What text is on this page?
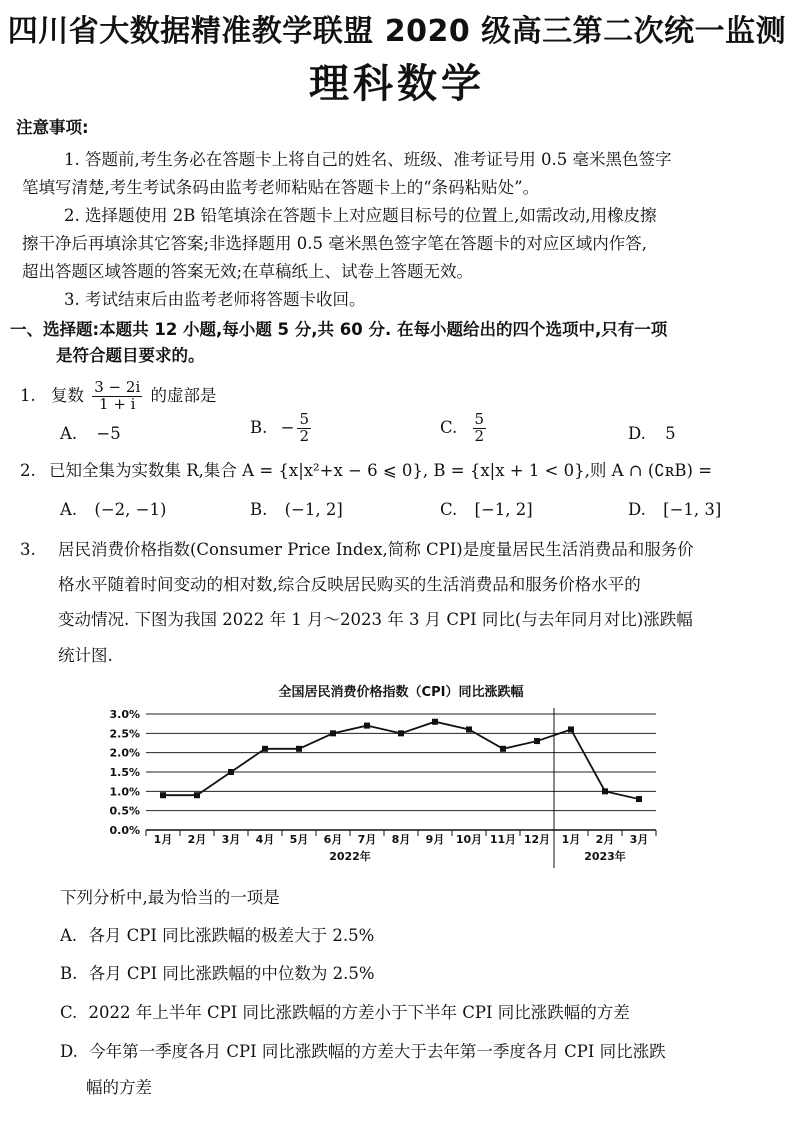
四川省大数据精准教学联盟 2020 级高三第二次统一监测
理科数学
注意事项:
1. 答题前,考生务必在答题卡上将自己的姓名、班级、准考证号用 0.5 毫米黑色签字
笔填写清楚,考生考试条码由监考老师粘贴在答题卡上的“条码粘贴处”。
2. 选择题使用 2B 铅笔填涂在答题卡上对应题目标号的位置上,如需改动,用橡皮擦
擦干净后再填涂其它答案;非选择题用 0.5 毫米黑色签字笔在答题卡的对应区域内作答,
超出答题区域答题的答案无效;在草稿纸上、试卷上答题无效。
3. 考试结束后由监考老师将答题卡收回。
一、选择题:本题共 12 小题,每小题 5 分,共 60 分. 在每小题给出的四个选项中,只有一项
是符合题目要求的。
1. 复数 $\frac{3 - 2i}{1 + i}$ 的虚部是
A. −5	B. − $\frac{5}{2}$	C. $\frac{5}{2}$	D. 5
2. 已知全集为实数集 R,集合 A = {x|x²+x − 6 ⩽ 0}, B = {x|x + 1 < 0},则 A ∩ (∁ʀB) =
A. (−2, −1)	B. (−1, 2]	C. [−1, 2]	D. [−1, 3]
3. 居民消费价格指数(Consumer Price Index,简称 CPI)是度量居民生活消费品和服务价
格水平随着时间变动的相对数,综合反映居民购买的生活消费品和服务价格水平的
变动情况. 下图为我国 2022 年 1 月～2023 年 3 月 CPI 同比(与去年同月对比)涨跌幅
统计图.
全国居民消费价格指数（CPI）同比涨跌幅
0.0%
0.5%
1.0%
1.5%
2.0%
2.5%
3.0%
1月 2月 3月 4月 5月 6月 7月 8月 9月 10月 11月 12月 1月 2月 3月
2022年	2023年
下列分析中,最为恰当的一项是
A. 各月 CPI 同比涨跌幅的极差大于 2.5%
B. 各月 CPI 同比涨跌幅的中位数为 2.5%
C. 2022 年上半年 CPI 同比涨跌幅的方差小于下半年 CPI 同比涨跌幅的方差
D. 今年第一季度各月 CPI 同比涨跌幅的方差大于去年第一季度各月 CPI 同比涨跌
幅的方差
